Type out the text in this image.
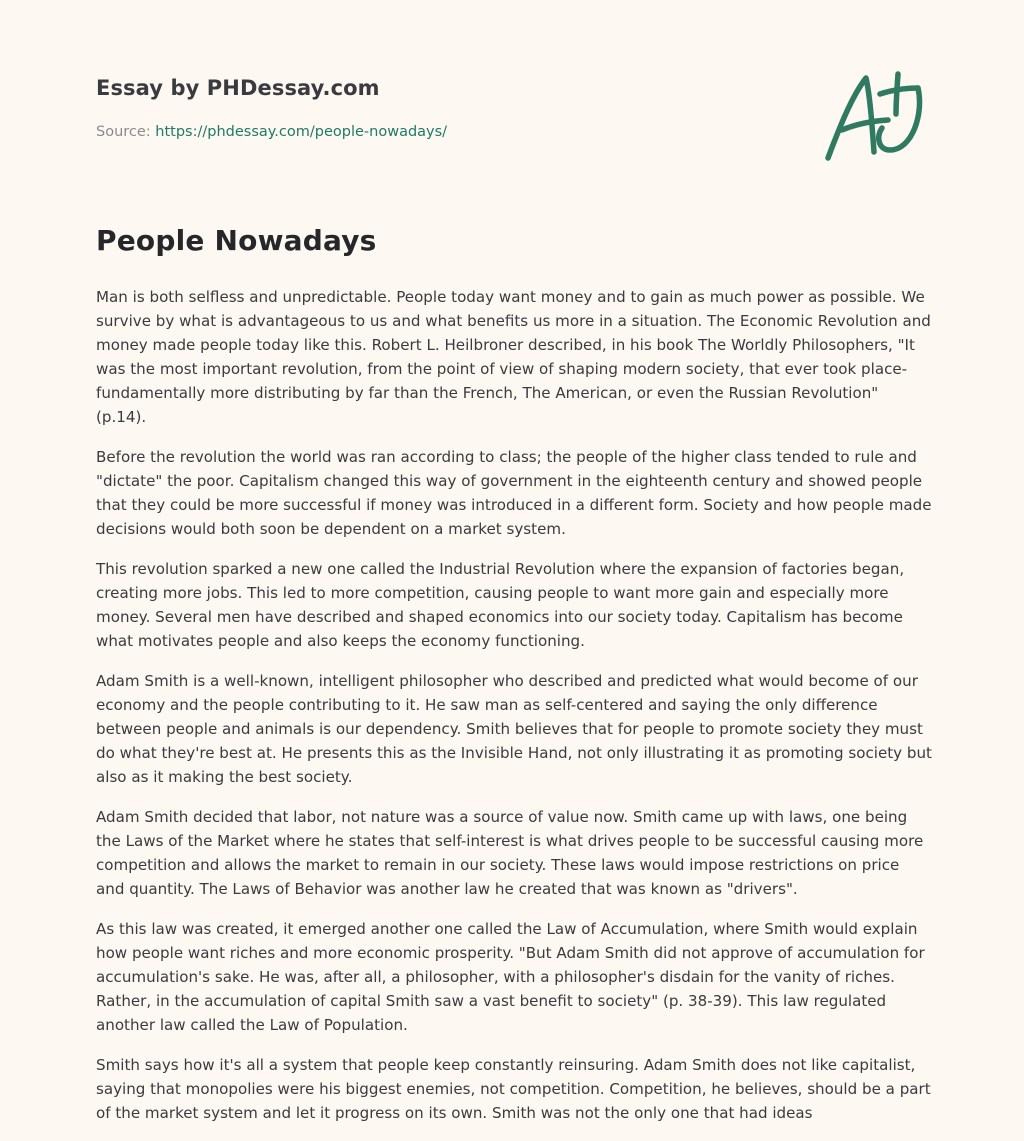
Essay by PHDessay.com

Source: https://phdessay.com/people-nowadays/

People Nowadays

Man is both selfless and unpredictable. People today want money and to gain as much power as possible. We survive by what is advantageous to us and what benefits us more in a situation. The Economic Revolution and money made people today like this. Robert L. Heilbroner described, in his book The Worldly Philosophers, "It was the most important revolution, from the point of view of shaping modern society, that ever took place- fundamentally more distributing by far than the French, The American, or even the Russian Revolution" (p.14).

Before the revolution the world was ran according to class; the people of the higher class tended to rule and "dictate" the poor. Capitalism changed this way of government in the eighteenth century and showed people that they could be more successful if money was introduced in a different form. Society and how people made decisions would both soon be dependent on a market system.

This revolution sparked a new one called the Industrial Revolution where the expansion of factories began, creating more jobs. This led to more competition, causing people to want more gain and especially more money. Several men have described and shaped economics into our society today. Capitalism has become what motivates people and also keeps the economy functioning.

Adam Smith is a well-known, intelligent philosopher who described and predicted what would become of our economy and the people contributing to it. He saw man as self-centered and saying the only difference between people and animals is our dependency. Smith believes that for people to promote society they must do what they're best at. He presents this as the Invisible Hand, not only illustrating it as promoting society but also as it making the best society.

Adam Smith decided that labor, not nature was a source of value now. Smith came up with laws, one being the Laws of the Market where he states that self-interest is what drives people to be successful causing more competition and allows the market to remain in our society. These laws would impose restrictions on price and quantity. The Laws of Behavior was another law he created that was known as "drivers".

As this law was created, it emerged another one called the Law of Accumulation, where Smith would explain how people want riches and more economic prosperity. "But Adam Smith did not approve of accumulation for accumulation's sake. He was, after all, a philosopher, with a philosopher's disdain for the vanity of riches. Rather, in the accumulation of capital Smith saw a vast benefit to society" (p. 38-39). This law regulated another law called the Law of Population.

Smith says how it's all a system that people keep constantly reinsuring. Adam Smith does not like capitalist, saying that monopolies were his biggest enemies, not competition. Competition, he believes, should be a part of the market system and let it progress on its own. Smith was not the only one that had ideas
